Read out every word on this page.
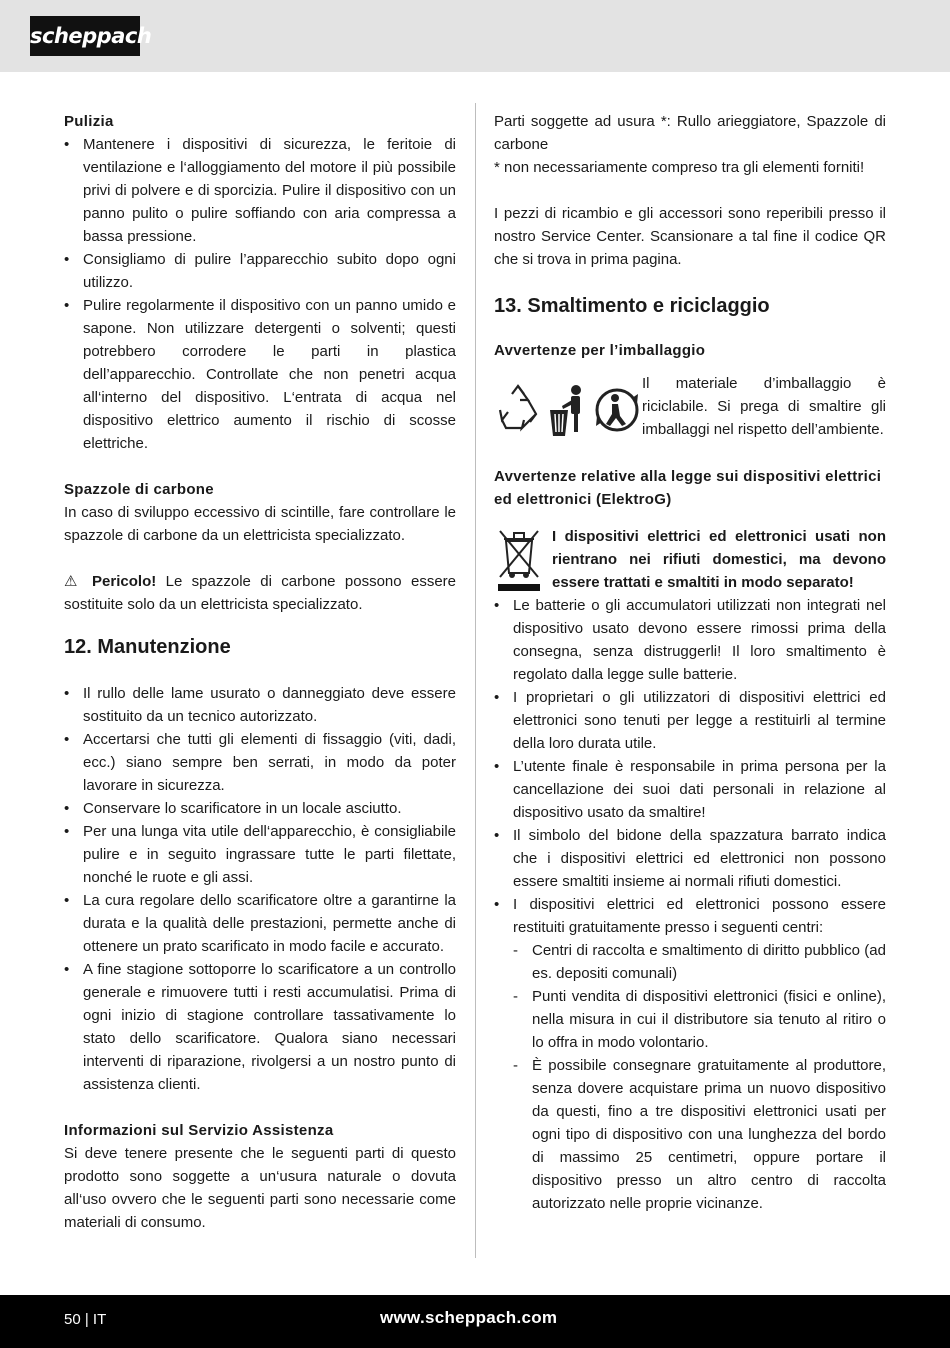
scheppach

Pulizia

• Mantenere i dispositivi di sicurezza, le feritoie di ventilazione e l‘alloggiamento del motore il più possibile privi di polvere e di sporcizia. Pulire il dispositivo con un panno pulito o pulire soffiando con aria compressa a bassa pressione.
• Consigliamo di pulire l’apparecchio subito dopo ogni utilizzo.
• Pulire regolarmente il dispositivo con un panno umido e sapone. Non utilizzare detergenti o solventi; questi potrebbero corrodere le parti in plastica dell’apparecchio. Controllate che non penetri acqua all‘interno del dispositivo. L‘entrata di acqua nel dispositivo elettrico aumento il rischio di scosse elettriche.

Spazzole di carbone

In caso di sviluppo eccessivo di scintille, fare controllare le spazzole di carbone da un elettricista specializzato.

⚠ Pericolo! Le spazzole di carbone possono essere sostituite solo da un elettricista specializzato.

12. Manutenzione
• Il rullo delle lame usurato o danneggiato deve essere sostituito da un tecnico autorizzato.
• Accertarsi che tutti gli elementi di fissaggio (viti, dadi, ecc.) siano sempre ben serrati, in modo da poter lavorare in sicurezza.
• Conservare lo scarificatore in un locale asciutto.
• Per una lunga vita utile dell‘apparecchio, è consigliabile pulire e in seguito ingrassare tutte le parti filettate, nonché le ruote e gli assi.
• La cura regolare dello scarificatore oltre a garantirne la durata e la qualità delle prestazioni, permette anche di ottenere un prato scarificato in modo facile e accurato.
• A fine stagione sottoporre lo scarificatore a un controllo generale e rimuovere tutti i resti accumulatisi. Prima di ogni inizio di stagione controllare tassativamente lo stato dello scarificatore. Qualora siano necessari interventi di riparazione, rivolgersi a un nostro punto di assistenza clienti.

Informazioni sul Servizio Assistenza

Si deve tenere presente che le seguenti parti di questo prodotto sono soggette a un‘usura naturale o dovuta all‘uso ovvero che le seguenti parti sono necessarie come materiali di consumo.

Parti soggette ad usura *: Rullo arieggiatore, Spazzole di carbone

* non necessariamente compreso tra gli elementi forniti!

I pezzi di ricambio e gli accessori sono reperibili presso il nostro Service Center. Scansionare a tal fine il codice QR che si trova in prima pagina.

13. Smaltimento e riciclaggio

Avvertenze per l’imballaggio

Il materiale d’imballaggio è riciclabile. Si prega di smaltire gli imballaggi nel rispetto dell’ambiente.

Avvertenze relative alla legge sui dispositivi elettrici ed elettronici (ElektroG)

I dispositivi elettrici ed elettronici usati non rientrano nei rifiuti domestici, ma devono essere trattati e smaltiti in modo separato!

• Le batterie o gli accumulatori utilizzati non integrati nel dispositivo usato devono essere rimossi prima della consegna, senza distruggerli! Il loro smaltimento è regolato dalla legge sulle batterie.
• I proprietari o gli utilizzatori di dispositivi elettrici ed elettronici sono tenuti per legge a restituirli al termine della loro durata utile.
• L’utente finale è responsabile in prima persona per la cancellazione dei suoi dati personali in relazione al dispositivo usato da smaltire!
• Il simbolo del bidone della spazzatura barrato indica che i dispositivi elettrici ed elettronici non possono essere smaltiti insieme ai normali rifiuti domestici.
• I dispositivi elettrici ed elettronici possono essere restituiti gratuitamente presso i seguenti centri:
- Centri di raccolta e smaltimento di diritto pubblico (ad es. depositi comunali)
- Punti vendita di dispositivi elettronici (fisici e online), nella misura in cui il distributore sia tenuto al ritiro o lo offra in modo volontario.
- È possibile consegnare gratuitamente al produttore, senza dovere acquistare prima un nuovo dispositivo da questi, fino a tre dispositivi elettronici usati per ogni tipo di dispositivo con una lunghezza del bordo di massimo 25 centimetri, oppure portare il dispositivo presso un altro centro di raccolta autorizzato nelle proprie vicinanze.
50 | IT	www.scheppach.com
